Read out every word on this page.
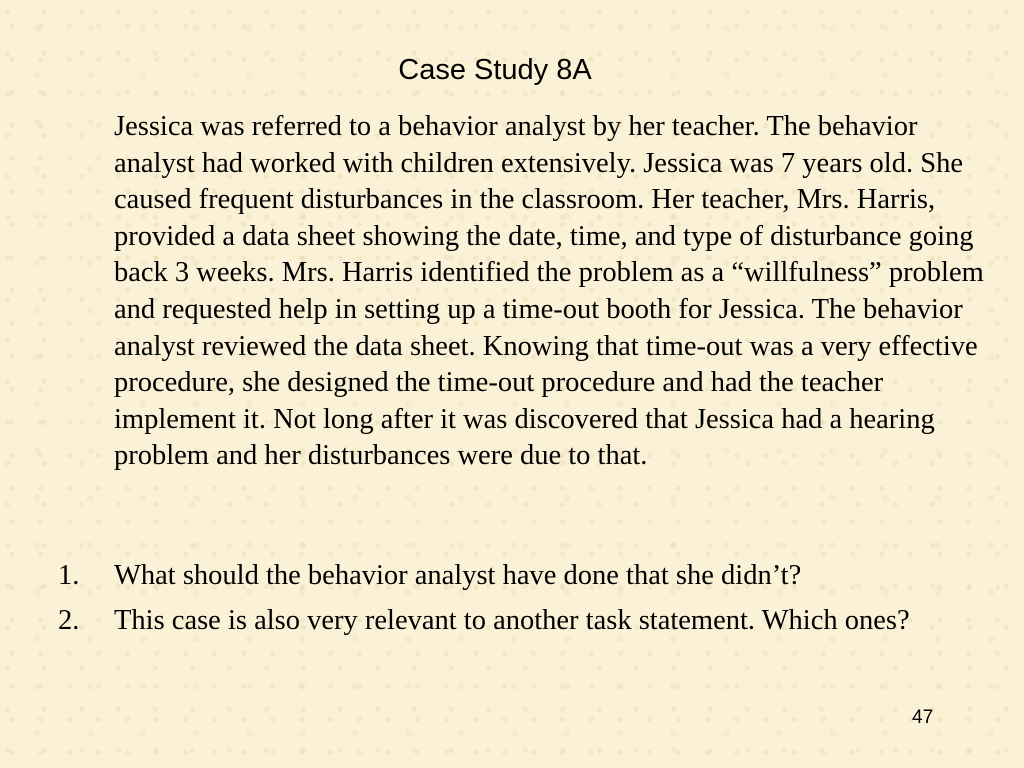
Case Study 8A

Jessica was referred to a behavior analyst by her teacher. The behavior analyst had worked with children extensively. Jessica was 7 years old. She caused frequent disturbances in the classroom. Her teacher, Mrs. Harris, provided a data sheet showing the date, time, and type of disturbance going back 3 weeks. Mrs. Harris identified the problem as a “willfulness” problem and requested help in setting up a time-out booth for Jessica. The behavior analyst reviewed the data sheet. Knowing that time-out was a very effective procedure, she designed the time-out procedure and had the teacher implement it. Not long after it was discovered that Jessica had a hearing problem and her disturbances were due to that.

1.	What should the behavior analyst have done that she didn’t?
2.	This case is also very relevant to another task statement. Which ones?
47
